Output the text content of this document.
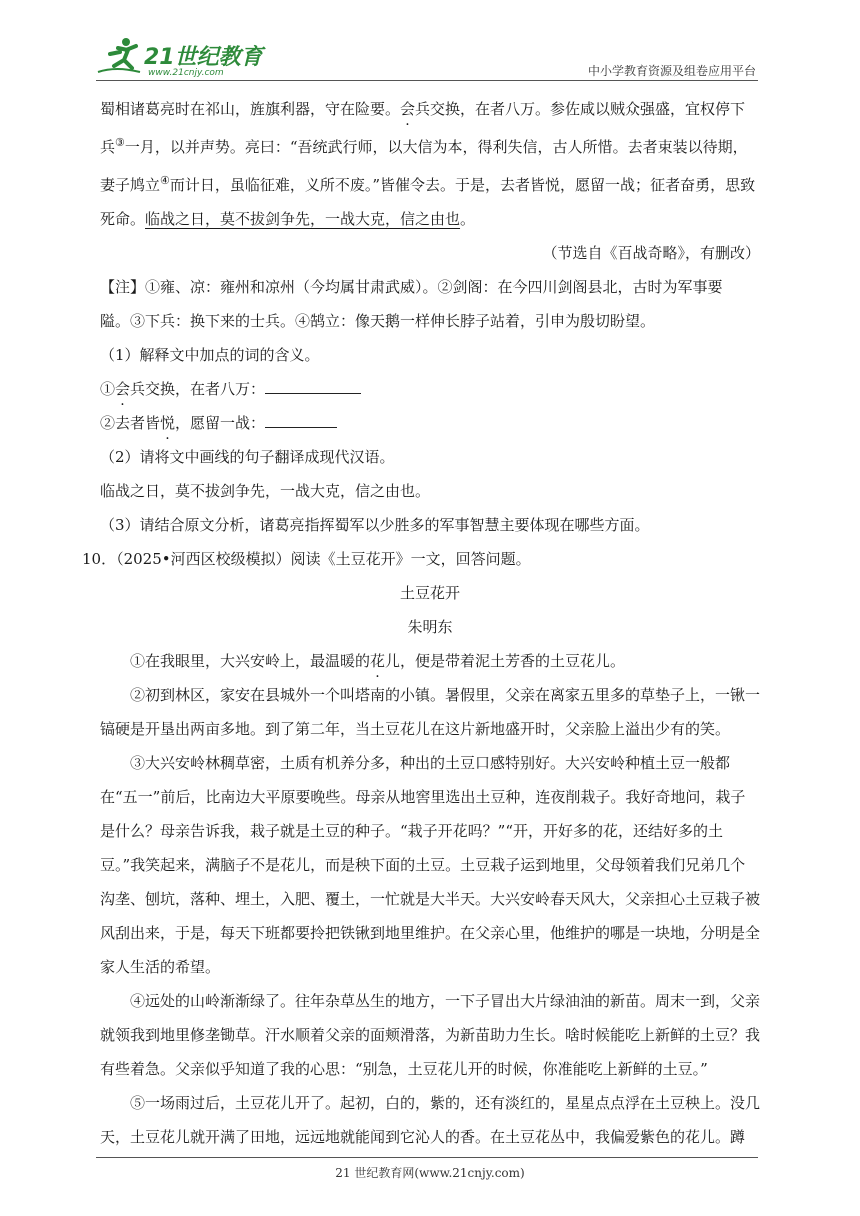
21世纪教育
www.21cnjy.com	中小学教育资源及组卷应用平台

蜀相诸葛亮时在祁山，旌旗利器，守在险要。会兵交换，在者八万。参佐咸以贼众强盛，宜权停下兵③一月，以并声势。亮曰：“吾统武行师，以大信为本，得利失信，古人所惜。去者束装以待期，妻子鸠立④而计日，虽临征难，义所不废。”皆催令去。于是，去者皆悦，愿留一战；征者奋勇，思致死命。临战之日，莫不拔剑争先，一战大克，信之由也。

（节选自《百战奇略》，有删改）

【注】①雍、凉：雍州和凉州（今均属甘肃武威）。②剑阁：在今四川剑阁县北，古时为军事要

隘。③下兵：换下来的士兵。④鹄立：像天鹅一样伸长脖子站着，引申为殷切盼望。

（1）解释文中加点的词的含义。

①会兵交换，在者八万：

②去者皆悦，愿留一战：

（2）请将文中画线的句子翻译成现代汉语。

临战之日，莫不拔剑争先，一战大克，信之由也。

（3）请结合原文分析，诸葛亮指挥蜀军以少胜多的军事智慧主要体现在哪些方面。

10．（2025•河西区校级模拟）阅读《土豆花开》一文，回答问题。

土豆花开

朱明东

①在我眼里，大兴安岭上，最温暖的花儿 ·，便是带着泥土芳香的土豆花儿。

②初到林区，家安在县城外一个叫塔南的小镇。暑假里，父亲在离家五里多的草垫子上，一锹一镐硬是开垦出两亩多地。到了第二年，当土豆花儿在这片新地盛开时，父亲脸上溢出少有的笑。

③大兴安岭林稠草密，土质有机养分多，种出的土豆口感特别好。大兴安岭种植土豆一般都在“五一”前后，比南边大平原要晚些。母亲从地窖里选出土豆种，连夜削栽子。我好奇地问，栽子是什么？母亲告诉我，栽子就是土豆的种子。“栽子开花吗？”“开，开好多的花，还结好多的土豆。”我笑起来，满脑子不是花儿，而是秧下面的土豆。土豆栽子运到地里，父母领着我们兄弟几个沟垄、刨坑，落种、埋土，入肥、覆土，一忙就是大半天。大兴安岭春天风大，父亲担心土豆栽子被风刮出来，于是，每天下班都要拎把铁锹到地里维护。在父亲心里，他维护的哪是一块地，分明是全家人生活的希望。

④远处的山岭渐渐绿了。往年杂草丛生的地方，一下子冒出大片绿油油的新苗。周末一到，父亲就领我到地里修垄锄草。汗水顺着父亲的面颊滑落，为新苗助力生长。啥时候能吃上新鲜的土豆？我有些着急。父亲似乎知道了我的心思：“别急，土豆花儿开的时候，你准能吃上新鲜的土豆。”

⑤一场雨过后，土豆花儿开了。起初，白的，紫的，还有淡红的，星星点点浮在土豆秧上。没几天，土豆花儿就开满了田地，远远地就能闻到它沁人的香。在土豆花丛中，我偏爱紫色的花儿。蹲

21 世纪教育网(www.21cnjy.com)
